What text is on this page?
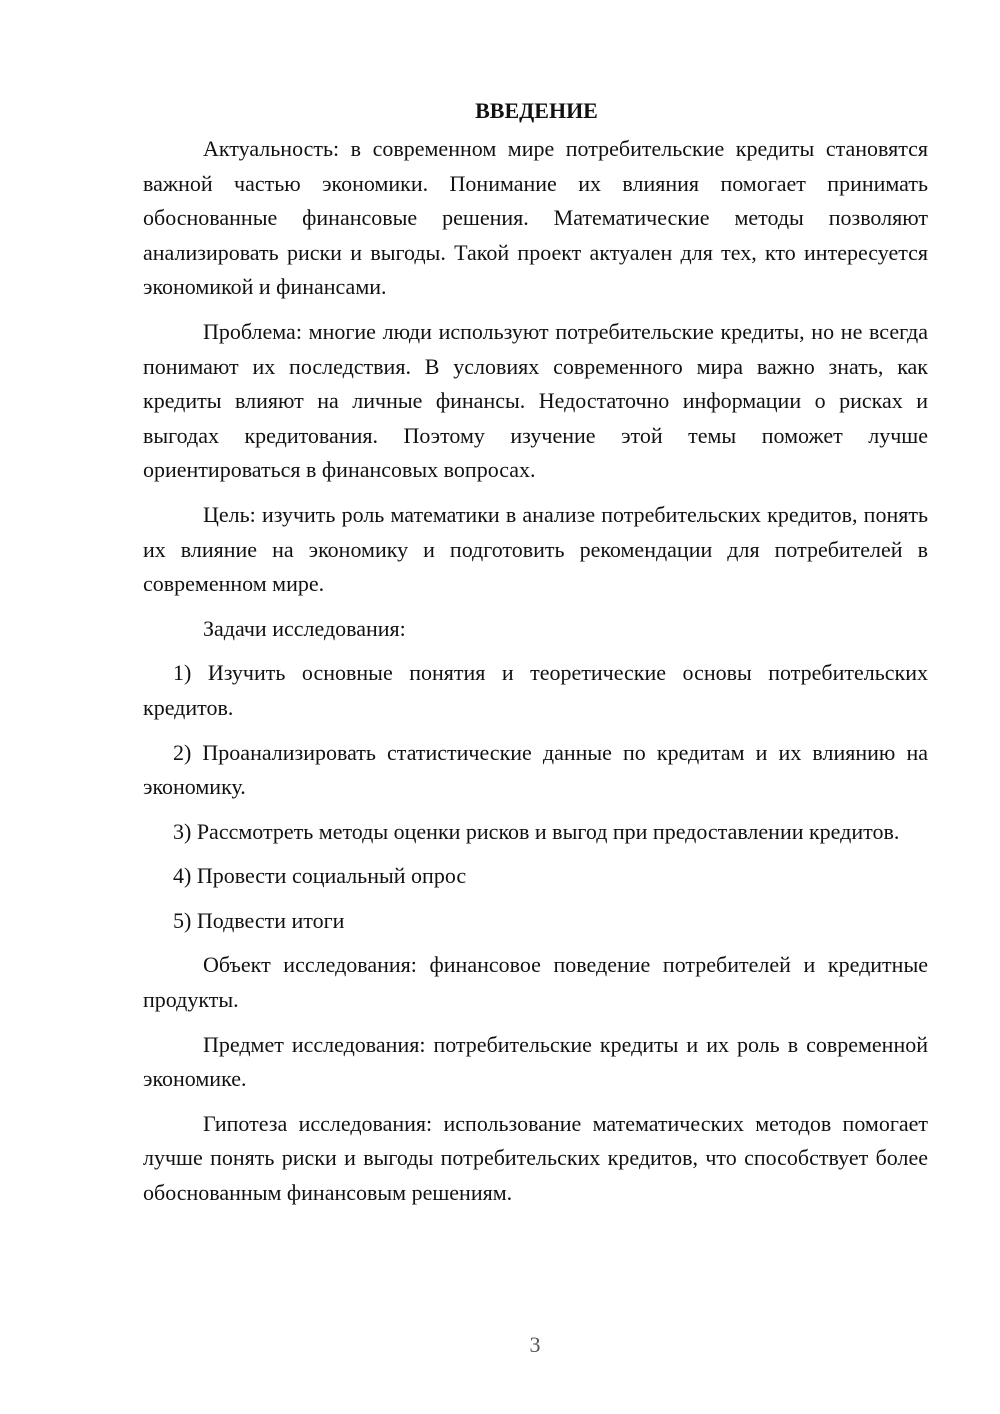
ВВЕДЕНИЕ

Актуальность: в современном мире потребительские кредиты становятся важной частью экономики. Понимание их влияния помогает принимать обоснованные финансовые решения. Математические методы позволяют анализировать риски и выгоды. Такой проект актуален для тех, кто интересуется экономикой и финансами.

Проблема: многие люди используют потребительские кредиты, но не всегда понимают их последствия. В условиях современного мира важно знать, как кредиты влияют на личные финансы. Недостаточно информации о рисках и выгодах кредитования. Поэтому изучение этой темы поможет лучше ориентироваться в финансовых вопросах.

Цель: изучить роль математики в анализе потребительских кредитов, понять их влияние на экономику и подготовить рекомендации для потребителей в современном мире.

Задачи исследования:

1) Изучить основные понятия и теоретические основы потребительских кредитов.

2) Проанализировать статистические данные по кредитам и их влиянию на экономику.

3) Рассмотреть методы оценки рисков и выгод при предоставлении кредитов.

4) Провести социальный опрос

5) Подвести итоги

Объект исследования: финансовое поведение потребителей и кредитные продукты.

Предмет исследования: потребительские кредиты и их роль в современной экономике.

Гипотеза исследования: использование математических методов помогает лучше понять риски и выгоды потребительских кредитов, что способствует более обоснованным финансовым решениям.

3
